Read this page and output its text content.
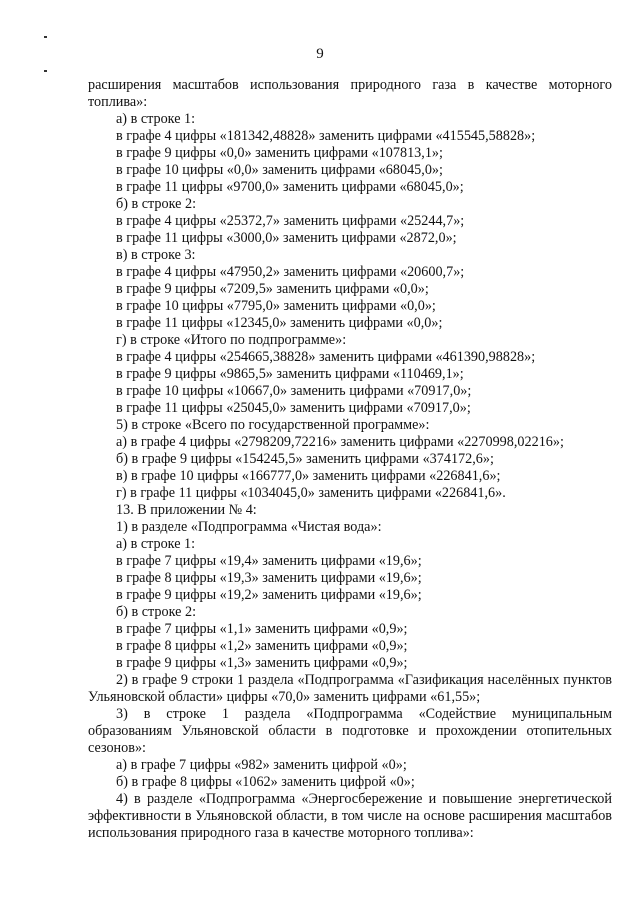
9

расширения масштабов использования природного газа в качестве моторного топлива»:

а) в строке 1:

в графе 4 цифры «181342,48828» заменить цифрами «415545,58828»;

в графе 9 цифры «0,0» заменить цифрами «107813,1»;

в графе 10 цифры «0,0» заменить цифрами «68045,0»;

в графе 11 цифры «9700,0» заменить цифрами «68045,0»;

б) в строке 2:

в графе 4 цифры «25372,7» заменить цифрами «25244,7»;

в графе 11 цифры «3000,0» заменить цифрами «2872,0»;

в) в строке 3:

в графе 4 цифры «47950,2» заменить цифрами «20600,7»;

в графе 9 цифры «7209,5» заменить цифрами «0,0»;

в графе 10 цифры «7795,0» заменить цифрами «0,0»;

в графе 11 цифры «12345,0» заменить цифрами «0,0»;

г) в строке «Итого по подпрограмме»:

в графе 4 цифры «254665,38828» заменить цифрами «461390,98828»;

в графе 9 цифры «9865,5» заменить цифрами «110469,1»;

в графе 10 цифры «10667,0» заменить цифрами «70917,0»;

в графе 11 цифры «25045,0» заменить цифрами «70917,0»;

5) в строке «Всего по государственной программе»:

а) в графе 4 цифры «2798209,72216» заменить цифрами «2270998,02216»;

б) в графе 9 цифры «154245,5» заменить цифрами «374172,6»;

в) в графе 10 цифры «166777,0» заменить цифрами «226841,6»;

г) в графе 11 цифры «1034045,0» заменить цифрами «226841,6».

13. В приложении № 4:

1) в разделе «Подпрограмма «Чистая вода»:

а) в строке 1:

в графе 7 цифры «19,4» заменить цифрами «19,6»;

в графе 8 цифры «19,3» заменить цифрами «19,6»;

в графе 9 цифры «19,2» заменить цифрами «19,6»;

б) в строке 2:

в графе 7 цифры «1,1» заменить цифрами «0,9»;

в графе 8 цифры «1,2» заменить цифрами «0,9»;

в графе 9 цифры «1,3» заменить цифрами «0,9»;

2) в графе 9 строки 1 раздела «Подпрограмма «Газификация населённых пунктов Ульяновской области» цифры «70,0» заменить цифрами «61,55»;

3) в строке 1 раздела «Подпрограмма «Содействие муниципальным образованиям Ульяновской области в подготовке и прохождении отопительных сезонов»:

а) в графе 7 цифры «982» заменить цифрой «0»;

б) в графе 8 цифры «1062» заменить цифрой «0»;

4) в разделе «Подпрограмма «Энергосбережение и повышение энергетической эффективности в Ульяновской области, в том числе на основе расширения масштабов использования природного газа в качестве моторного топлива»:
